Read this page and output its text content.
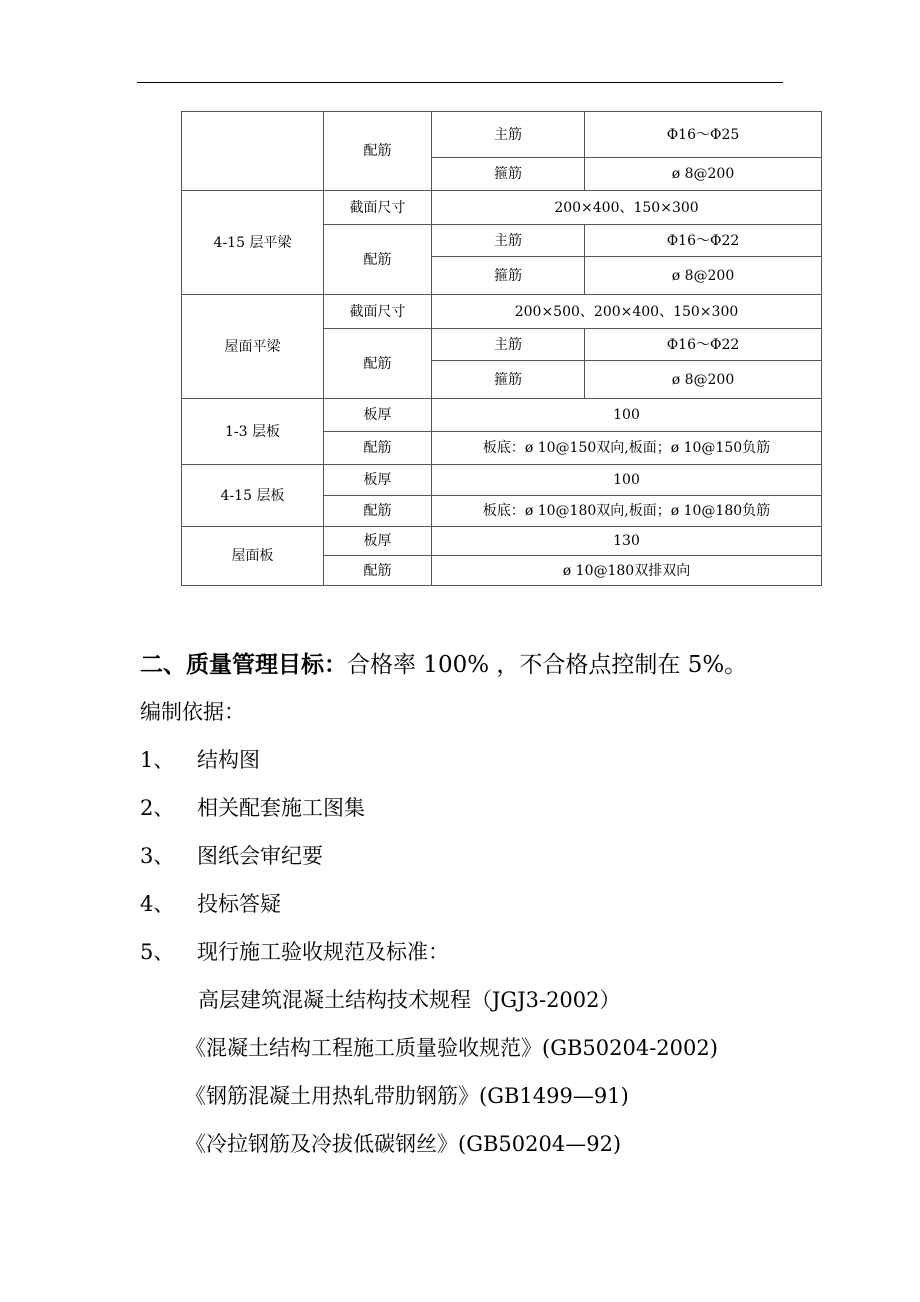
	配筋	主筋	Φ16～Φ25
		箍筋	ø 8@200
4-15 层平梁	截面尺寸	200×400、150×300	
	配筋	主筋	Φ16～Φ22
		箍筋	ø 8@200
屋面平梁	截面尺寸	200×500、200×400、150×300	
	配筋	主筋	Φ16～Φ22
		箍筋	ø 8@200
1-3 层板	板厚	100	
	配筋	板底：ø 10@150双向,板面；ø 10@150负筋	
4-15 层板	板厚	100	
	配筋	板底：ø 10@180双向,板面；ø 10@180负筋	
屋面板	板厚	130	
	配筋	ø 10@180双排双向	
二、质量管理目标：合格率 100% ，不合格点控制在 5%。
编制依据：
1、 结构图
2、 相关配套施工图集
3、 图纸会审纪要
4、 投标答疑
5、 现行施工验收规范及标准：
高层建筑混凝土结构技术规程（JGJ3-2002）
《混凝土结构工程施工质量验收规范》(GB50204-2002)
《钢筋混凝土用热轧带肋钢筋》(GB1499—91)
《冷拉钢筋及冷拔低碳钢丝》(GB50204—92)
